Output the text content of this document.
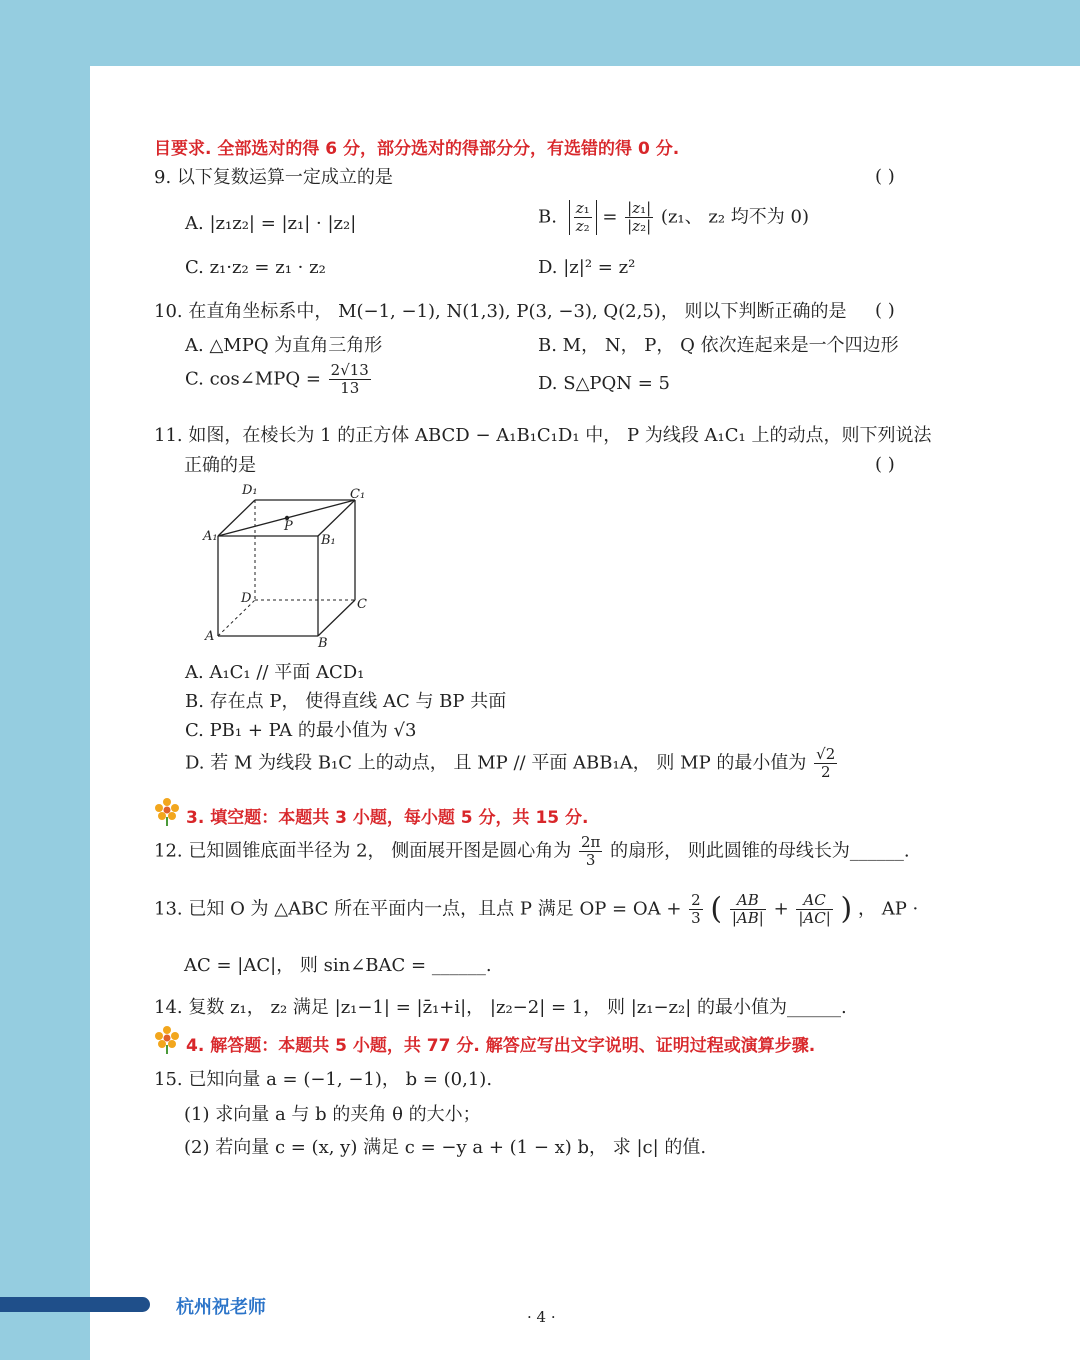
目要求. 全部选对的得 6 分，部分选对的得部分分，有选错的得 0 分.
9. 以下复数运算一定成立的是	( )
A. |z₁z₂| = |z₁| · |z₂|	B. $\frac{\text{z₁}}{\text{z₂}} = \frac{\text{|z₁|}}{\text{|z₂|}} (z_1$、 z₂ 均不为 0)
C. z₁·z₂ = z₁ · z₂	D. |z|² = z²
10. 在直角坐标系中， M(−1, −1), N(1,3), P(3, −3), Q(2,5)， 则以下判断正确的是 ( )
A. △MPQ 为直角三角形	B. M， N， P， Q 依次连起来是一个四边形
C. cos∠MPQ = $\frac{2√13}{13}$	D. S△PQN = 5
11. 如图，在棱长为 1 的正方体 ABCD − A₁B₁C₁D₁ 中， P 为线段 A₁C₁ 上的动点，则下列说法
正确的是	( )
D₁	C₁
A₁	B₁
P
D	C
A	B
A. A₁C₁ // 平面 ACD₁
B. 存在点 P， 使得直线 AC 与 BP 共面
C. PB₁ + PA 的最小值为 √3
D. 若 M 为线段 B₁C 上的动点， 且 MP // 平面 ABB₁A， 则 MP 的最小值为 $\frac{√2}{2}$
3. 填空题：本题共 3 小题，每小题 5 分，共 15 分.
12. 已知圆锥底面半径为 2， 侧面展开图是圆心角为 $\frac{2\pi}{3}$ 的扇形， 则此圆锥的母线长为______.
13. 已知 O 为 △ABC 所在平面内一点，且点 P 满足 OP = OA + $\frac{2}{3}$ ( $\frac{AB}{|AB|} + \frac{AC}{|AC|}$ ) ， AP ·
AC = |AC|， 则 sin∠BAC = ______.
14. 复数 z₁， z₂ 满足 |z₁−1| = |z̄₁+i|， |z₂−2| = 1， 则 |z₁−z₂| 的最小值为______.
4. 解答题：本题共 5 小题，共 77 分. 解答应写出文字说明、证明过程或演算步骤.
15. 已知向量 a = (−1, −1)， b = (0,1).
(1) 求向量 a 与 b 的夹角 θ 的大小；
(2) 若向量 c = (x, y) 满足 c = −y a + (1 − x) b， 求 |c| 的值.
杭州祝老师	· 4 ·
